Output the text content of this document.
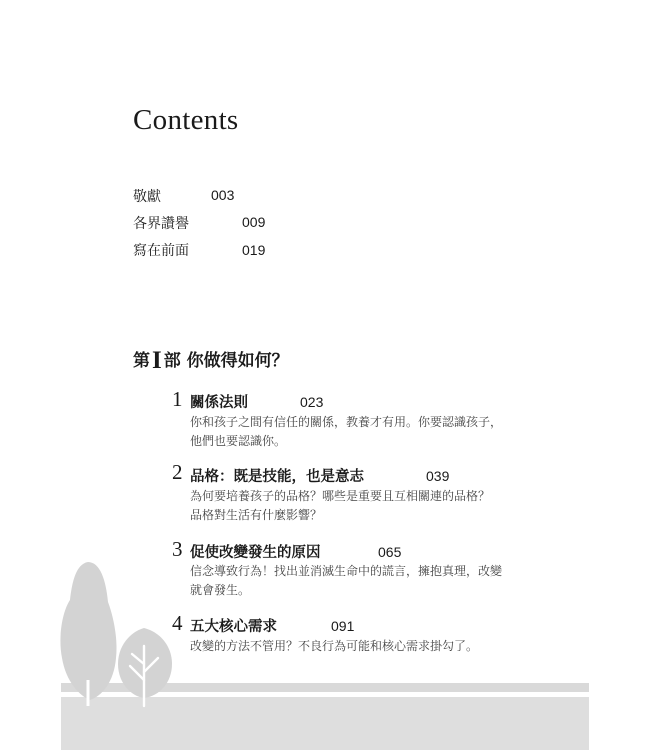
Contents
敬獻	003
各界讚譽	009
寫在前面	019
第I 部 你做得如何？
1 關係法則	023
你和孩子之間有信任的關係，教養才有用。你要認識孩子，
他們也要認識你。
2 品格：既是技能，也是意志	039
為何要培養孩子的品格？哪些是重要且互相關連的品格？
品格對生活有什麼影響？
3 促使改變發生的原因	065
信念導致行為！找出並消滅生命中的謊言，擁抱真理，改變
就會發生。
4 五大核心需求	091
改變的方法不管用？不良行為可能和核心需求掛勾了。
